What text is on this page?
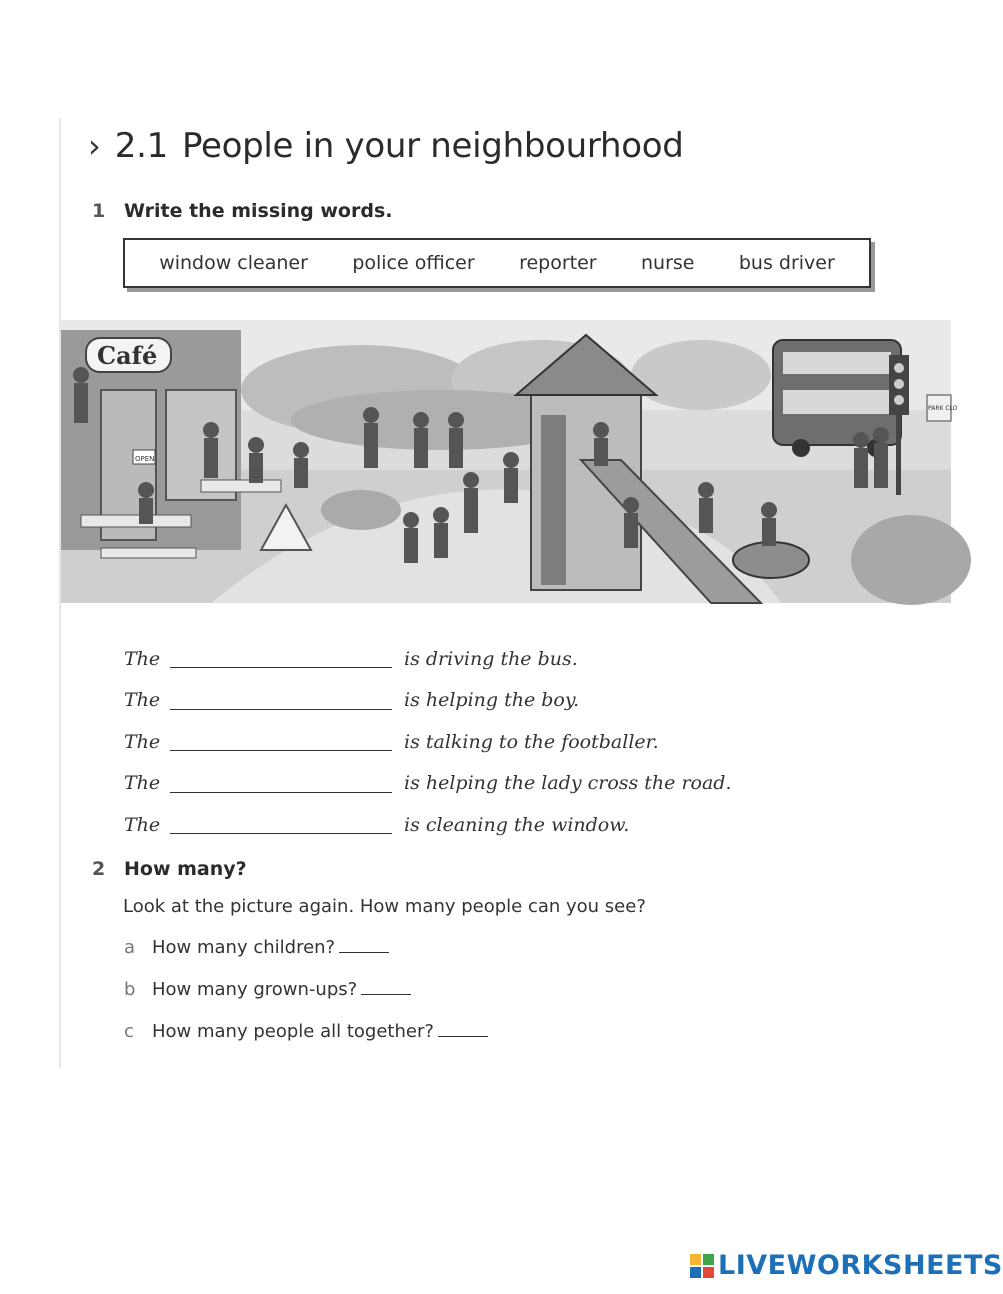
› 2.1 People in your neighbourhood
1 Write the missing words.
window cleaner police officer reporter nurse bus driver
Café
OPEN
PARK CLO
The	is driving the bus.
The	is helping the boy.
The	is talking to the footballer.
The	is helping the lady cross the road.
The	is cleaning the window.
2 How many?
Look at the picture again. How many people can you see?
a How many children?
b How many grown-ups?
c	How many people all together?
LIVEWORKSHEETS
